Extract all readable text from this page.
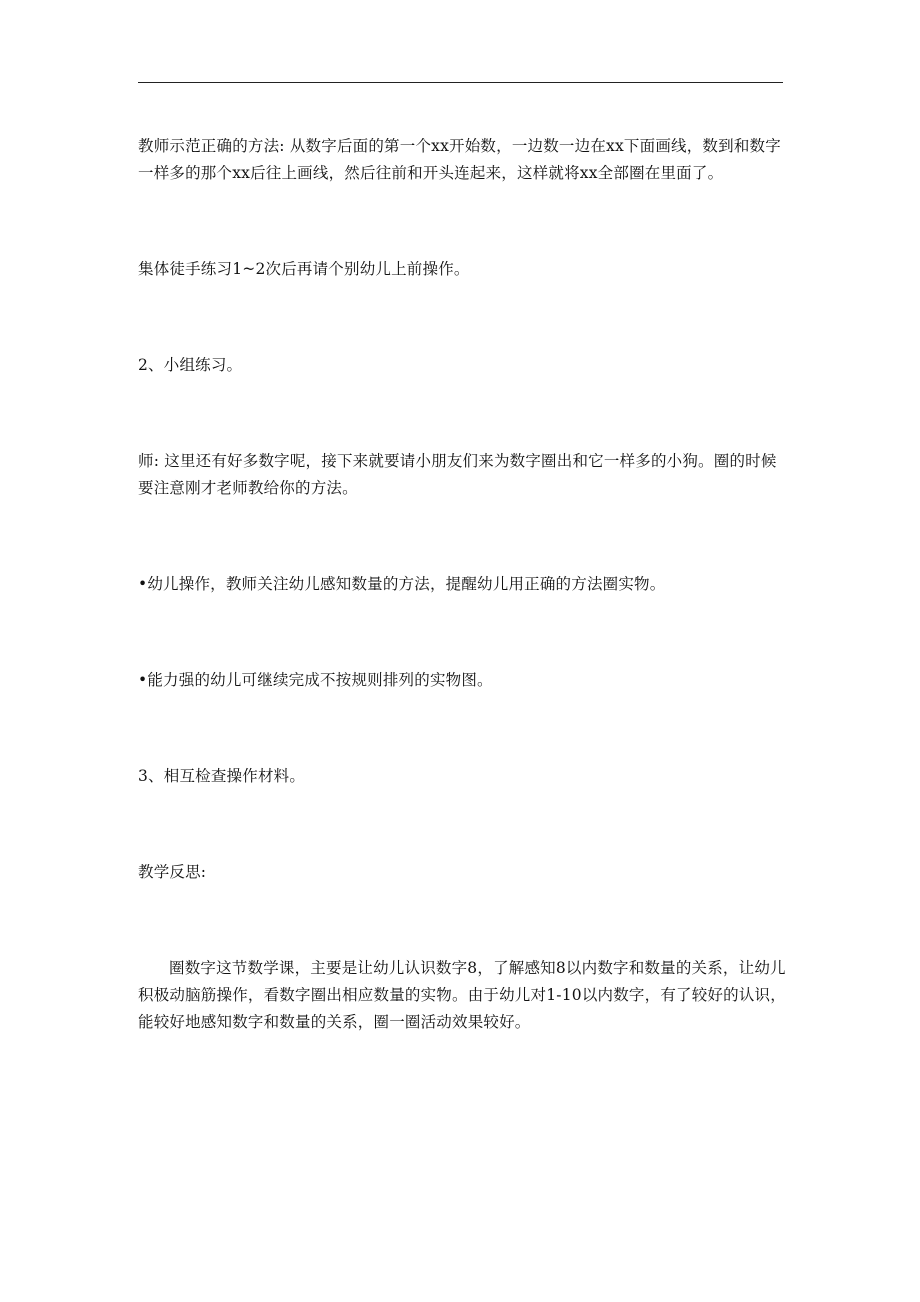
教师示范正确的方法: 从数字后面的第一个xx开始数，一边数一边在xx下面画线，数到和数字一样多的那个xx后往上画线，然后往前和开头连起来，这样就将xx全部圈在里面了。

集体徒手练习1~2次后再请个别幼儿上前操作。

2、小组练习。

师: 这里还有好多数字呢，接下来就要请小朋友们来为数字圈出和它一样多的小狗。圈的时候要注意刚才老师教给你的方法。

•幼儿操作，教师关注幼儿感知数量的方法，提醒幼儿用正确的方法圈实物。

•能力强的幼儿可继续完成不按规则排列的实物图。

3、相互检查操作材料。

教学反思:

圈数字这节数学课，主要是让幼儿认识数字8，了解感知8以内数字和数量的关系，让幼儿积极动脑筋操作，看数字圈出相应数量的实物。由于幼儿对1-10以内数字，有了较好的认识，能较好地感知数字和数量的关系，圈一圈活动效果较好。
